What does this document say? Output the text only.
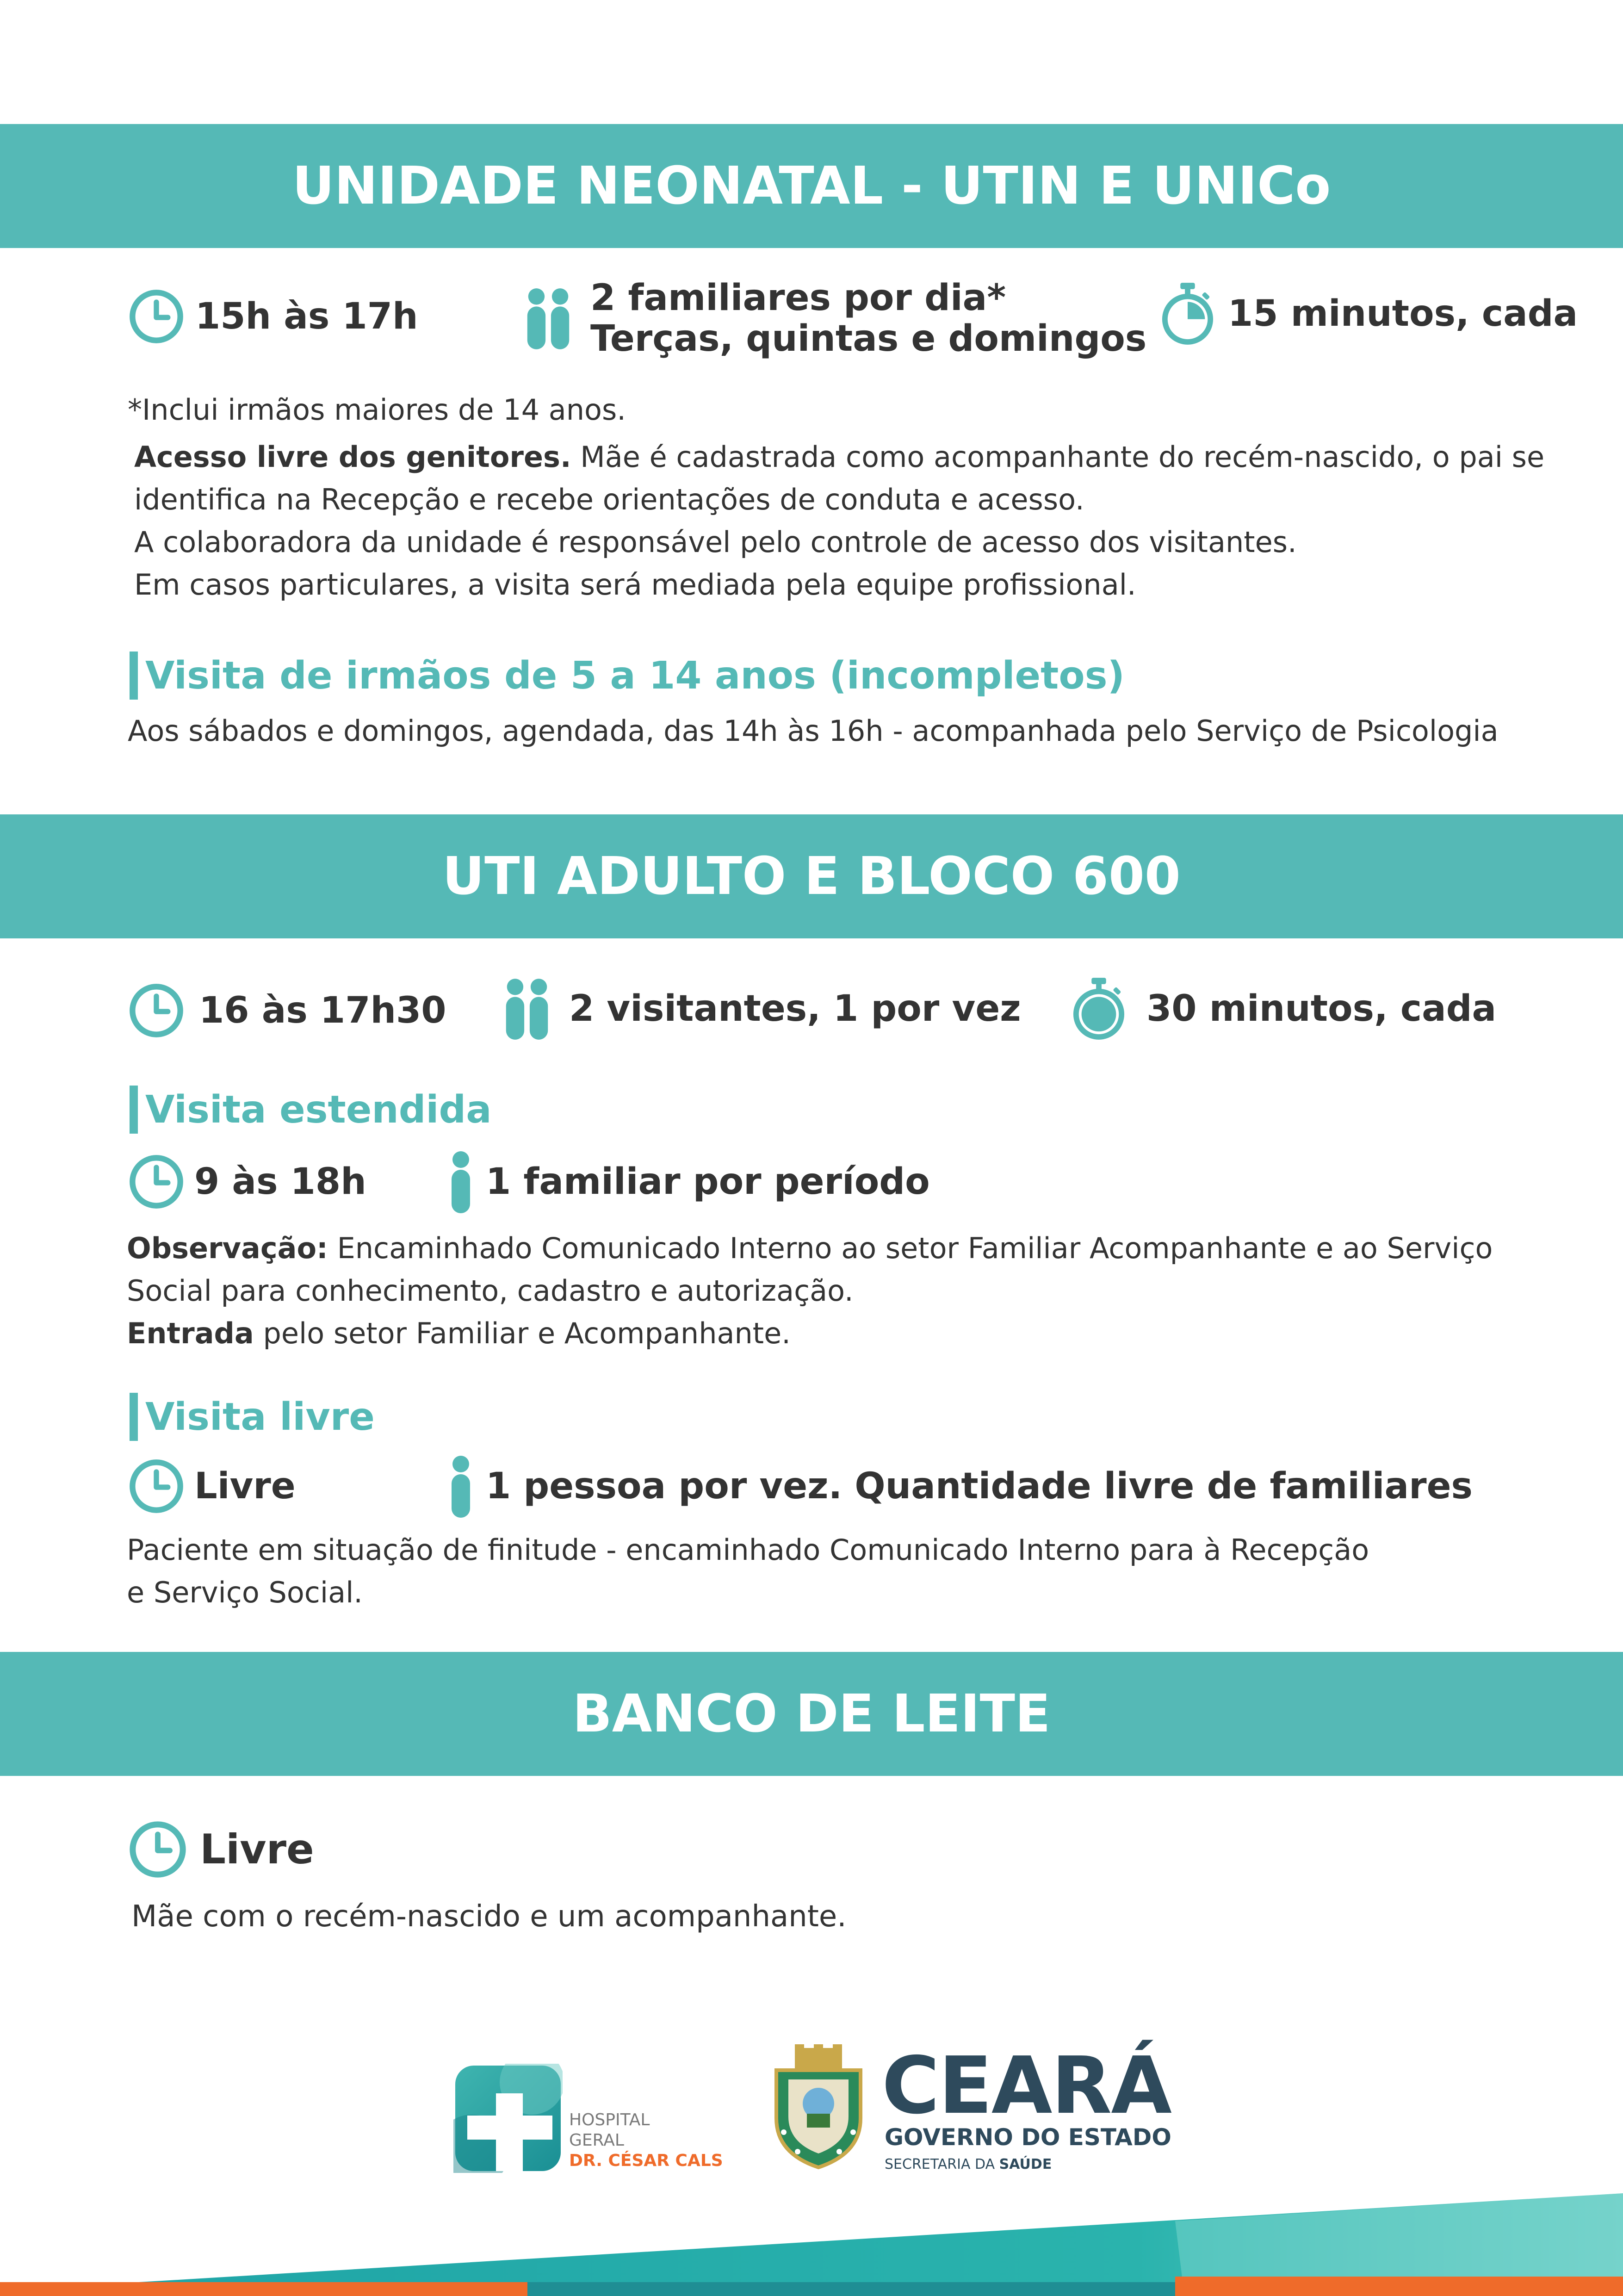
UNIDADE NEONATAL - UTIN E UNICo
15h às 17h	2 familiares por dia*
Terças, quintas e domingos
15 minutos, cada
*Inclui irmãos maiores de 14 anos.
Acesso livre dos genitores. Mãe é cadastrada como acompanhante do recém-nascido, o pai se
identifica na Recepção e recebe orientações de conduta e acesso.
A colaboradora da unidade é responsável pelo controle de acesso dos visitantes.
Em casos particulares, a visita será mediada pela equipe profissional.
Visita de irmãos de 5 a 14 anos (incompletos)
Aos sábados e domingos, agendada, das 14h às 16h - acompanhada pelo Serviço de Psicologia
UTI ADULTO E BLOCO 600
16 às 17h30	2 visitantes, 1 por vez	30 minutos, cada
Visita estendida
9 às 18h	1 familiar por período
Observação: Encaminhado Comunicado Interno ao setor Familiar Acompanhante e ao Serviço
Social para conhecimento, cadastro e autorização.
Entrada pelo setor Familiar e Acompanhante.
Visita livre
Livre	1 pessoa por vez. Quantidade livre de familiares
Paciente em situação de finitude - encaminhado Comunicado Interno para à Recepção
e Serviço Social.
BANCO DE LEITE
Livre
Mãe com o recém-nascido e um acompanhante.
HOSPITAL
GERAL
DR. CÉSAR CALS
CEARÁ
GOVERNO DO ESTADO
SECRETARIA DA SAÚDE
